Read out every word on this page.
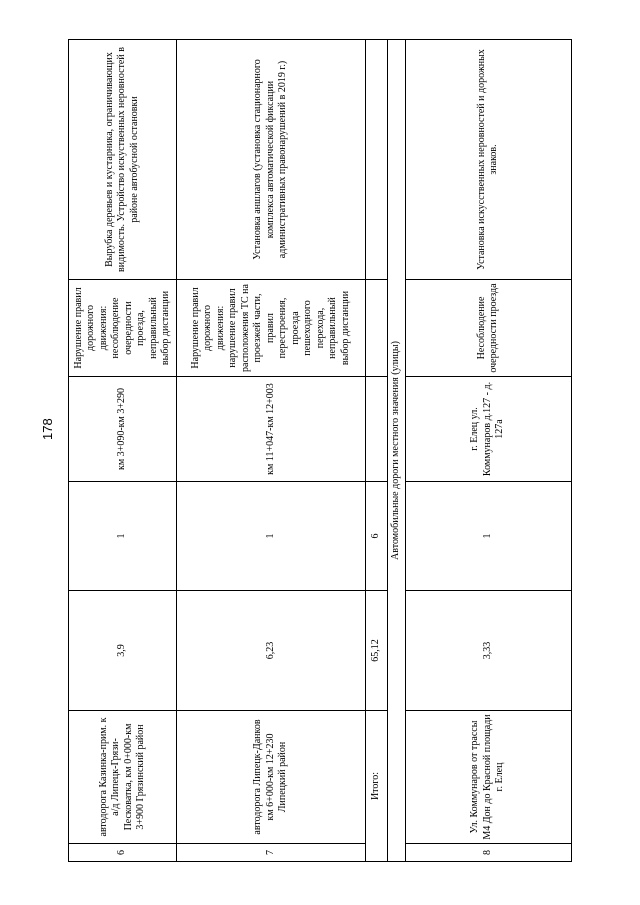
178
6	автодорога Казинка-прим. к а/д Липецк-Грязи-Песковатка, км 0+000-км 3+900 Грязинский район	3,9	1	км 3+090-км 3+290	Нарушение правил дорожного движения: несоблюдение очередности проезда, неправильный выбор дистанции	Вырубка деревьев и кустарника, ограничивающих видимость. Устройство искуственных неровностей в районе автобусной остановки
7	автодорога Липецк-Данков км 6+000-км 12+230 Липецкий район	6,23	1	км 11+047-км 12+003	Нарушение правил дорожного движения: нарушение правил расположения ТС на проезжей части, правил перестроения, проезда пешеходного перехода, неправильный выбор дистанции	Установка аншлагов (установка стационарного комплекса автоматической фиксации административных правонарушений в 2019 г.)
Итого:		65,12	6			
Автомобильные дороги местного значения (улицы)						
8	Ул. Коммунаров от трассы М4 Дон до Красной площади г. Елец	3,33	1	г. Елец ул. Коммунаров д.127 - д. 127а	Несоблюдение очередности проезда	Установка искусственных неровностей и дорожных знаков.
